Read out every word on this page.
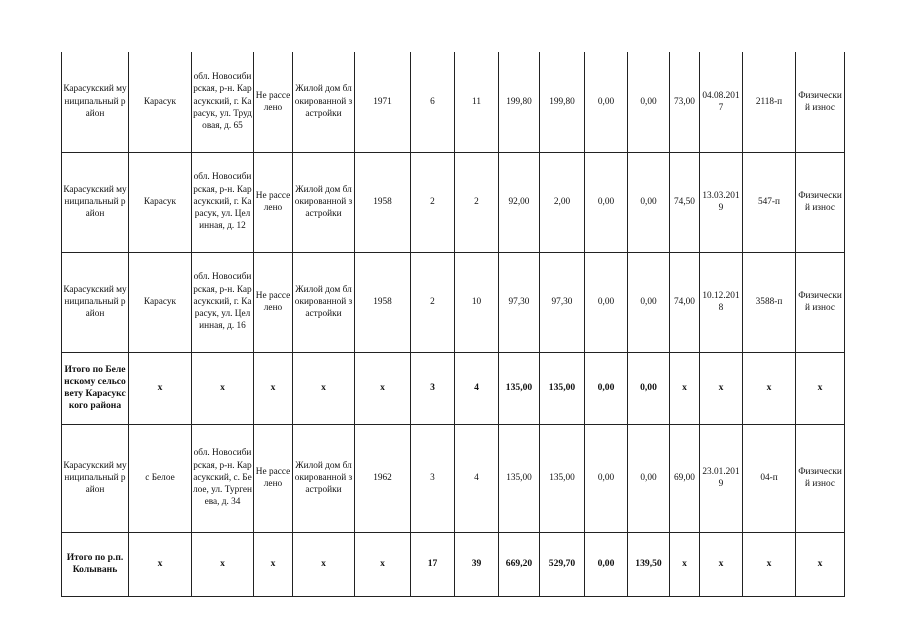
Карасукский муниципальный район	Карасук	обл. Новосибирская, р-н. Карасукский, г. Карасук, ул. Трудовая, д. 65	Не расселено	Жилой дом блокированной застройки	1971	6	11	199,80	199,80	0,00	0,00	73,00	04.08.2017	2118-п	Физический износ
Карасукский муниципальный район	Карасук	обл. Новосибирская, р-н. Карасукский, г. Карасук, ул. Целинная, д. 12	Не расселено	Жилой дом блокированной застройки	1958	2	2	92,00	2,00	0,00	0,00	74,50	13.03.2019	547-п	Физический износ
Карасукский муниципальный район	Карасук	обл. Новосибирская, р-н. Карасукский, г. Карасук, ул. Целинная, д. 16	Не расселено	Жилой дом блокированной застройки	1958	2	10	97,30	97,30	0,00	0,00	74,00	10.12.2018	3588-п	Физический износ
Итого по Беленскому сельсовету Карасукского района	x	x	x	x	x	3	4	135,00	135,00	0,00	0,00	x	x	x	x
Карасукский муниципальный район	с Белое	обл. Новосибирская, р-н. Карасукский, с. Белое, ул. Тургенева, д. 34	Не расселено	Жилой дом блокированной застройки	1962	3	4	135,00	135,00	0,00	0,00	69,00	23.01.2019	04-п	Физический износ
Итого по р.п. Колывань	x	x	x	x	x	17	39	669,20	529,70	0,00	139,50	x	x	x	x
